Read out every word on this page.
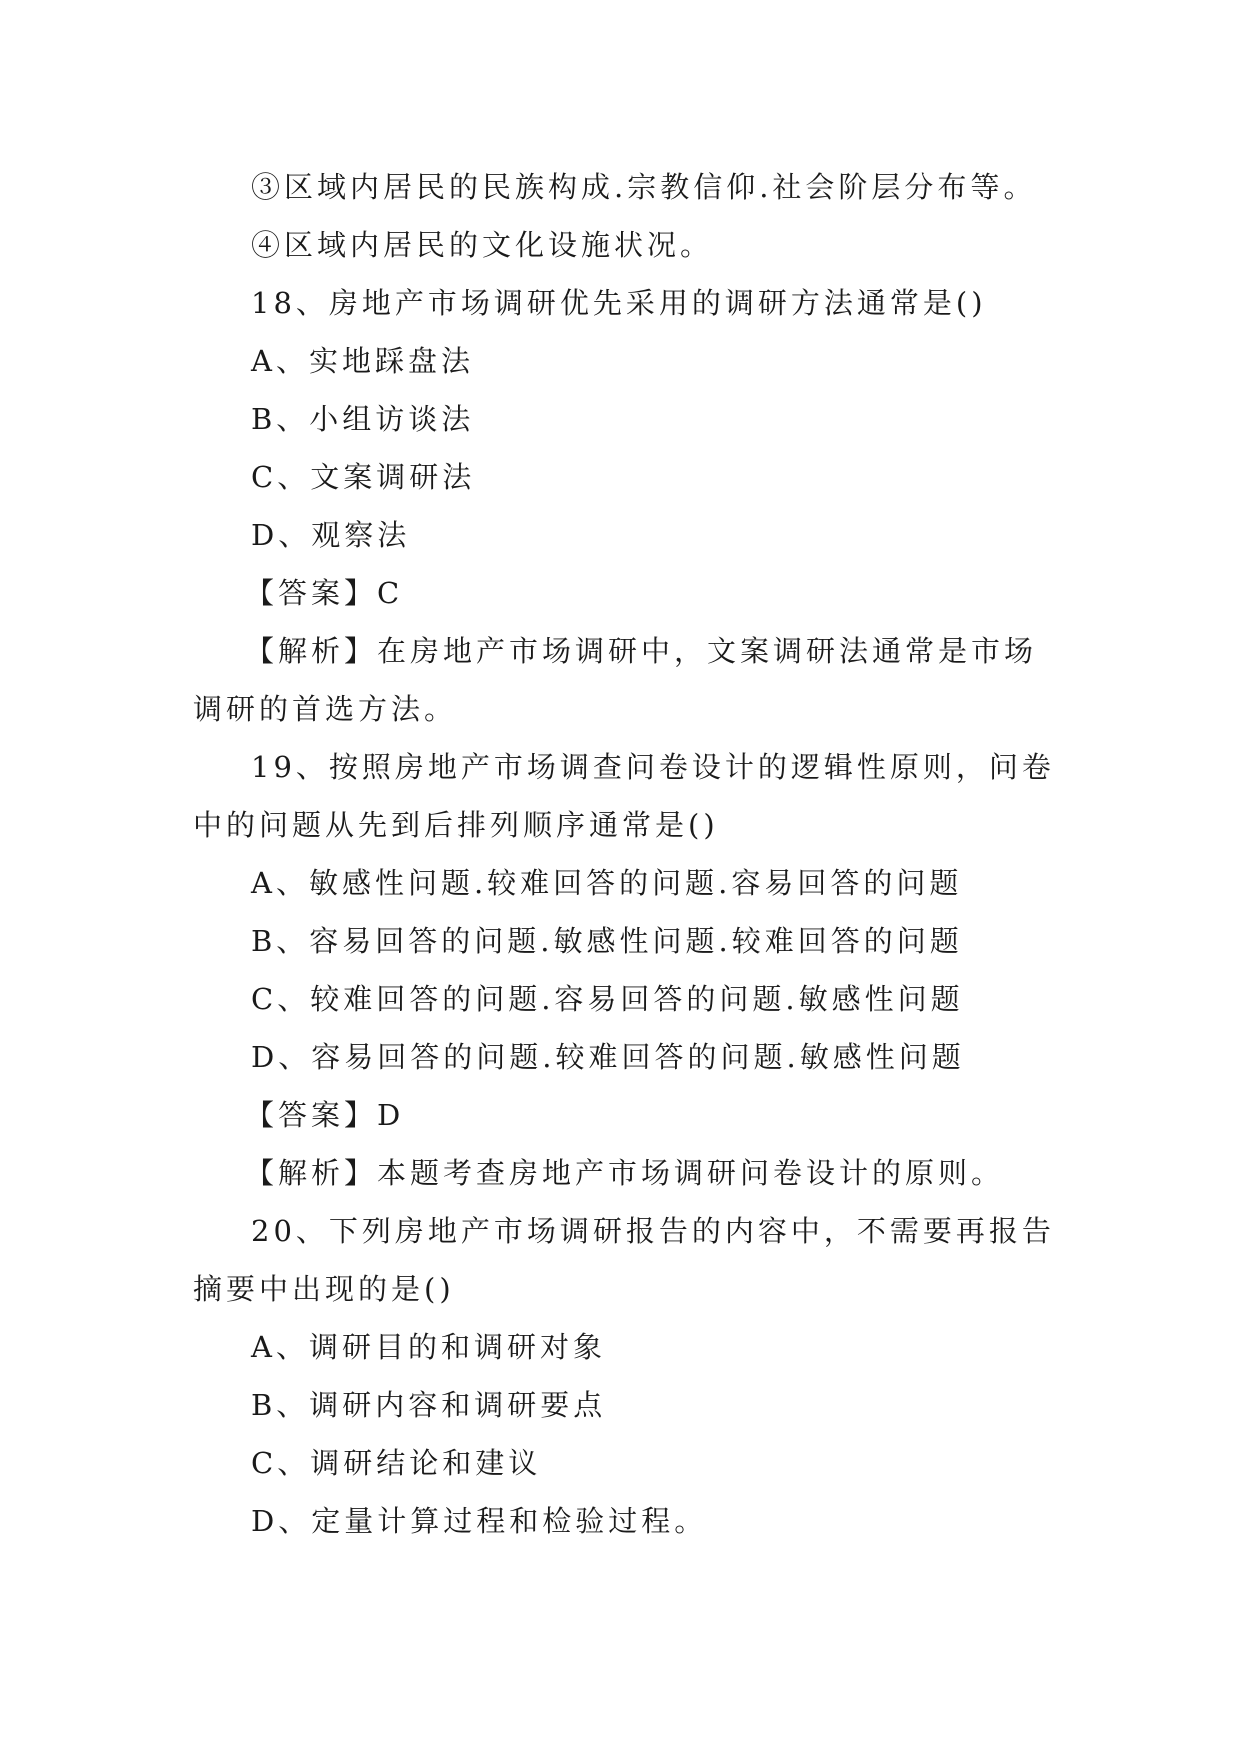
③区域内居民的民族构成.宗教信仰.社会阶层分布等。
④区域内居民的文化设施状况。
18、房地产市场调研优先采用的调研方法通常是()
A、实地踩盘法
B、小组访谈法
C、文案调研法
D、观察法
【答案】C
【解析】在房地产市场调研中，文案调研法通常是市场
调研的首选方法。
19、按照房地产市场调查问卷设计的逻辑性原则，问卷
中的问题从先到后排列顺序通常是()
A、敏感性问题.较难回答的问题.容易回答的问题
B、容易回答的问题.敏感性问题.较难回答的问题
C、较难回答的问题.容易回答的问题.敏感性问题
D、容易回答的问题.较难回答的问题.敏感性问题
【答案】D
【解析】本题考查房地产市场调研问卷设计的原则。
20、下列房地产市场调研报告的内容中，不需要再报告
摘要中出现的是()
A、调研目的和调研对象
B、调研内容和调研要点
C、调研结论和建议
D、定量计算过程和检验过程。
